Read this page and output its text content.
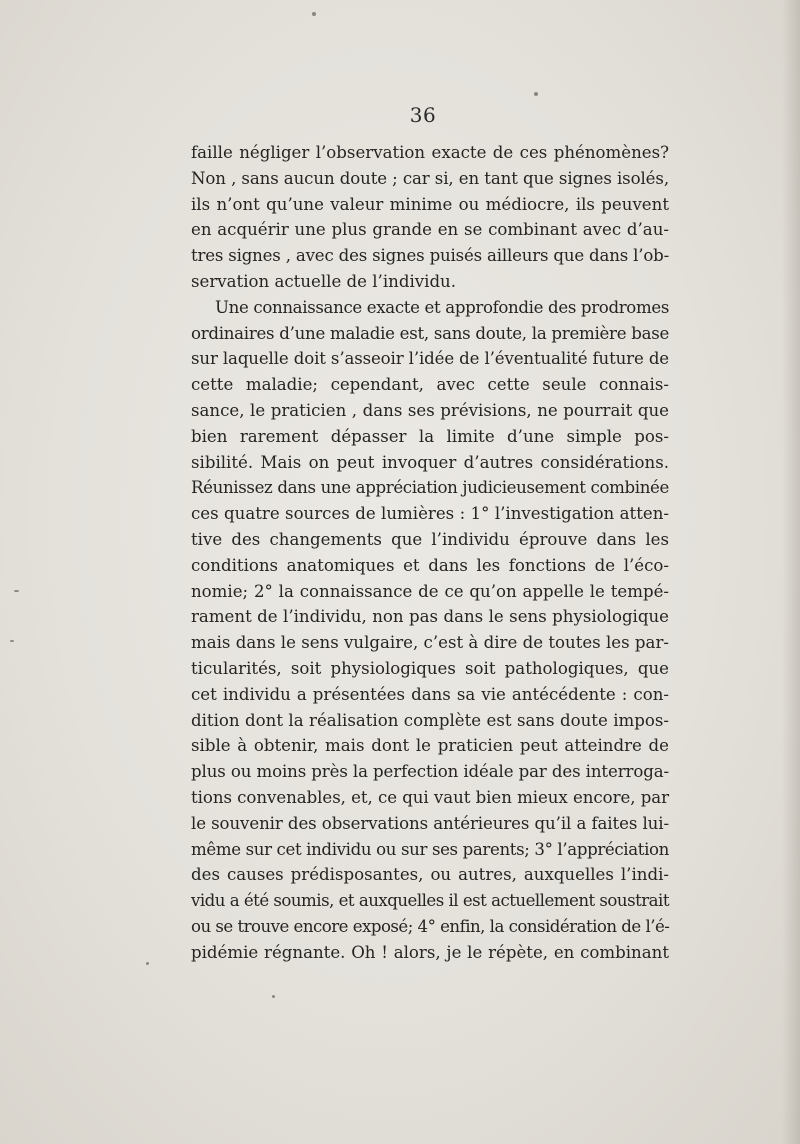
36
faille négliger l’observation exacte de ces phénomènes?
Non , sans aucun doute ; car si, en tant que signes isolés,
ils n’ont qu’une valeur minime ou médiocre, ils peuvent
en acquérir une plus grande en se combinant avec d’au-
tres signes , avec des signes puisés ailleurs que dans l’ob-
servation actuelle de l’individu.
Une connaissance exacte et approfondie des prodromes
ordinaires d’une maladie est, sans doute, la première base
sur laquelle doit s’asseoir l’idée de l’éventualité future de
cette maladie; cependant, avec cette seule connais-
sance, le praticien , dans ses prévisions, ne pourrait que
bien rarement dépasser la limite d’une simple pos-
sibilité. Mais on peut invoquer d’autres considérations.
Réunissez dans une appréciation judicieusement combinée
ces quatre sources de lumières : 1° l’investigation atten-
tive des changements que l’individu éprouve dans les
conditions anatomiques et dans les fonctions de l’éco-
nomie; 2° la connaissance de ce qu’on appelle le tempé-
rament de l’individu, non pas dans le sens physiologique
mais dans le sens vulgaire, c’est à dire de toutes les par-
ticularités, soit physiologiques soit pathologiques, que
cet individu a présentées dans sa vie antécédente : con-
dition dont la réalisation complète est sans doute impos-
sible à obtenir, mais dont le praticien peut atteindre de
plus ou moins près la perfection idéale par des interroga-
tions convenables, et, ce qui vaut bien mieux encore, par
le souvenir des observations antérieures qu’il a faites lui-
même sur cet individu ou sur ses parents; 3° l’appréciation
des causes prédisposantes, ou autres, auxquelles l’indi-
vidu a été soumis, et auxquelles il est actuellement soustrait
ou se trouve encore exposé; 4° enfin, la considération de l’é-
pidémie régnante. Oh ! alors, je le répète, en combinant
